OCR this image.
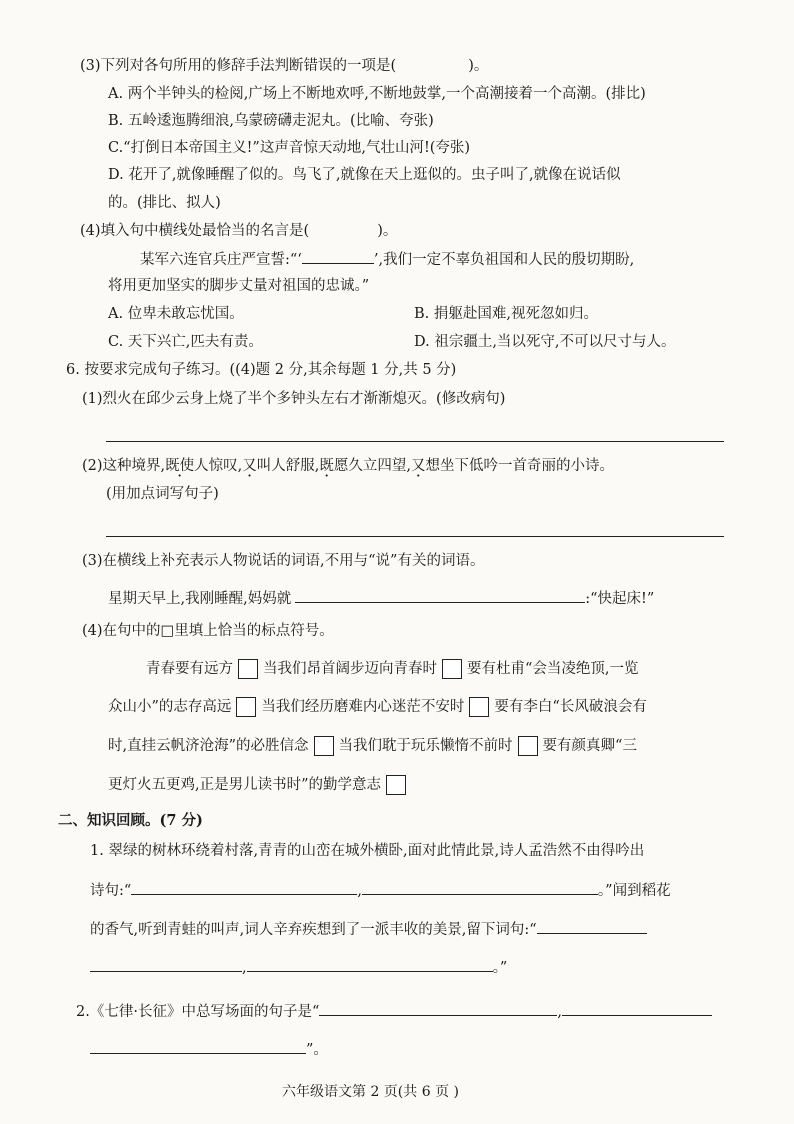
(3)下列对各句所用的修辞手法判断错误的一项是(	)。
A. 两个半钟头的检阅,广场上不断地欢呼,不断地鼓掌,一个高潮接着一个高潮。(排比)
B. 五岭逶迤腾细浪,乌蒙磅礴走泥丸。(比喻、夸张)
C.“打倒日本帝国主义!”这声音惊天动地,气壮山河!(夸张)
D. 花开了,就像睡醒了似的。鸟飞了,就像在天上逛似的。虫子叫了,就像在说话似
的。(排比、拟人)
(4)填入句中横线处最恰当的名言是(	)。
某军六连官兵庄严宣誓:“‘	’,我们一定不辜负祖国和人民的殷切期盼,
将用更加坚实的脚步丈量对祖国的忠诚。”
A. 位卑未敢忘忧国。	B. 捐躯赴国难,视死忽如归。
C. 天下兴亡,匹夫有责。	D. 祖宗疆土,当以死守,不可以尺寸与人。
6. 按要求完成句子练习。((4)题 2 分,其余每题 1 分,共 5 分)
(1)烈火在邱少云身上烧了半个多钟头左右才渐渐熄灭。(修改病句)
(2)这种境界,既使人惊叹,又叫人舒服,既愿久立四望,又想坐下低吟一首奇丽的小诗。
(用加点词写句子)
(3)在横线上补充表示人物说话的词语,不用与“说”有关的词语。
星期天早上,我刚睡醒,妈妈就	:“快起床!”
(4)在句中的□里填上恰当的标点符号。
青春要有远方 当我们昂首阔步迈向青春时 要有杜甫“会当凌绝顶,一览
众山小”的志存高远 当我们经历磨难内心迷茫不安时 要有李白“长风破浪会有
时,直挂云帆济沧海”的必胜信念 当我们耽于玩乐懒惰不前时 要有颜真卿“三
更灯火五更鸡,正是男儿读书时”的勤学意志
二、知识回顾。(7 分)
1. 翠绿的树林环绕着村落,青青的山峦在城外横卧,面对此情此景,诗人孟浩然不由得吟出
诗句:“	,	。”闻到稻花
的香气,听到青蛙的叫声,词人辛弃疾想到了一派丰收的美景,留下词句:“
,	。”
2.《七律·长征》中总写场面的句子是“	,
”。
六年级语文第 2 页(共 6 页 )
